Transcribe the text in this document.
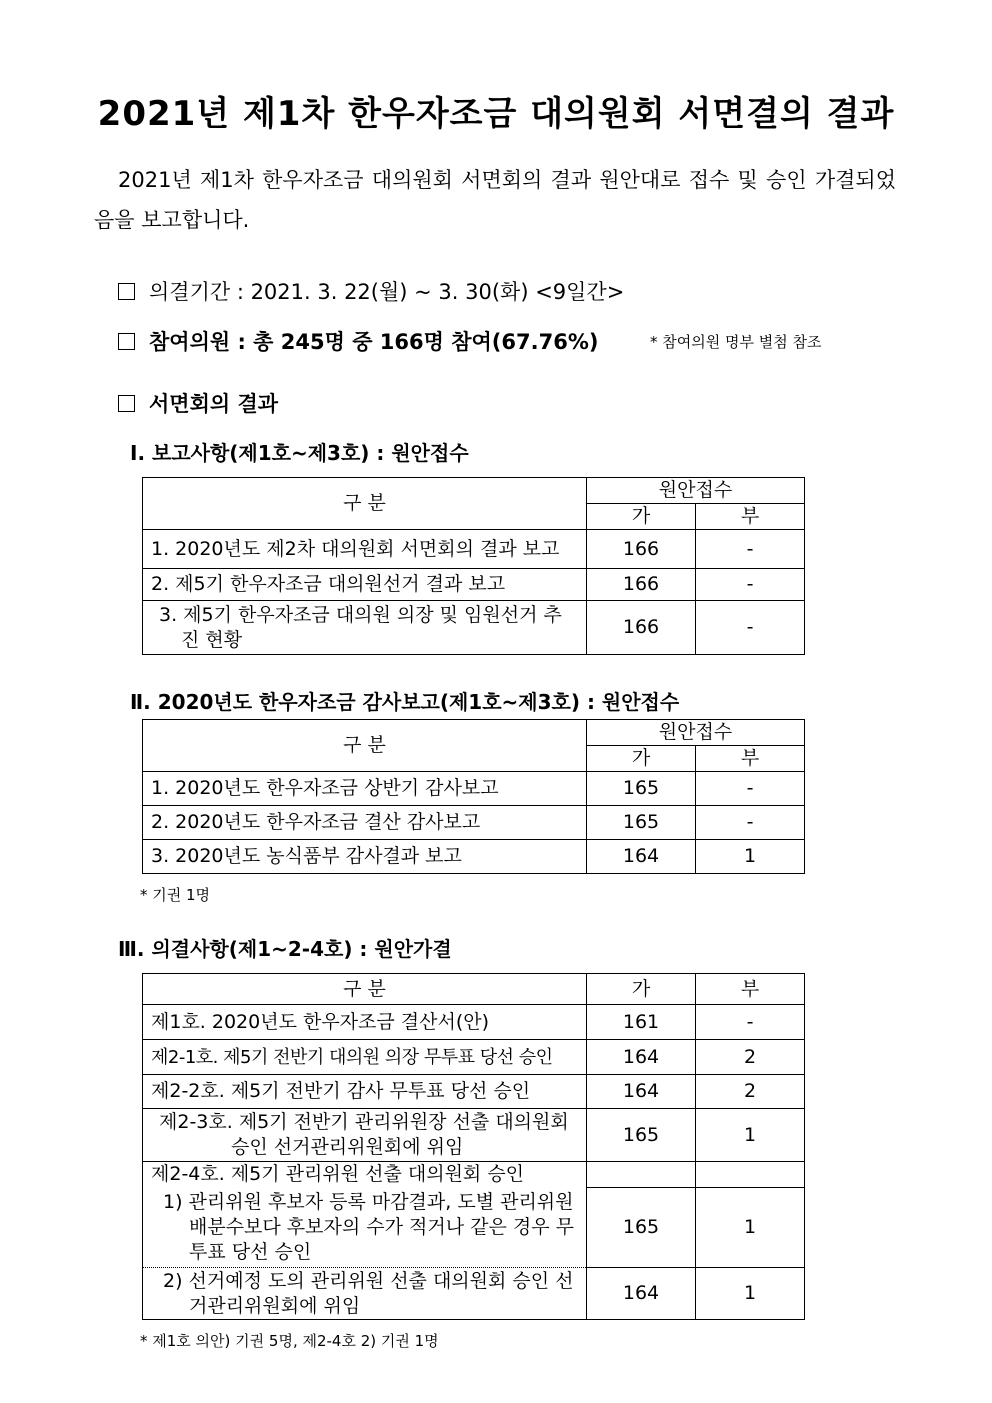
2021년 제1차 한우자조금 대의원회 서면결의 결과
2021년 제1차 한우자조금 대의원회 서면회의 결과 원안대로 접수 및 승인 가결되었음을 보고합니다.
의결기간 : 2021. 3. 22(월) ~ 3. 30(화) <9일간>
참여의원 : 총 245명 중 166명 참여(67.76%)	* 참여의원 명부 별첨 참조
서면회의 결과
Ⅰ. 보고사항(제1호~제3호) : 원안접수
구 분	원안접수	
	가	부
1. 2020년도 제2차 대의원회 서면회의 결과 보고	166	-
2. 제5기 한우자조금 대의원선거 결과 보고	166	-

3. 제5기 한우자조금 대의원 의장 및 임원선거 추진 현황	166	-
Ⅱ. 2020년도 한우자조금 감사보고(제1호~제3호) : 원안접수
구 분	원안접수	
	가	부
1. 2020년도 한우자조금 상반기 감사보고	165	-
2. 2020년도 한우자조금 결산 감사보고	165	-
3. 2020년도 농식품부 감사결과 보고	164	1
* 기권 1명
Ⅲ. 의결사항(제1~2-4호) : 원안가결
구 분	가	부
제1호. 2020년도 한우자조금 결산서(안)	161	-
제2-1호. 제5기 전반기 대의원 의장 무투표 당선 승인	164	2
제2-2호. 제5기 전반기 감사 무투표 당선 승인	164	2

제2-3호. 제5기 전반기 관리위원장 선출 대의원회 승인 선거관리위원회에 위임	165	1
제2-4호. 제5기 관리위원 선출 대의원회 승인		

1) 관리위원 후보자 등록 마감결과, 도별 관리위원 배분수보다 후보자의 수가 적거나 같은 경우 무투표 당선 승인	165	1

2) 선거예정 도의 관리위원 선출 대의원회 승인 선거관리위원회에 위임	164	1
* 제1호 의안) 기권 5명, 제2-4호 2) 기권 1명
